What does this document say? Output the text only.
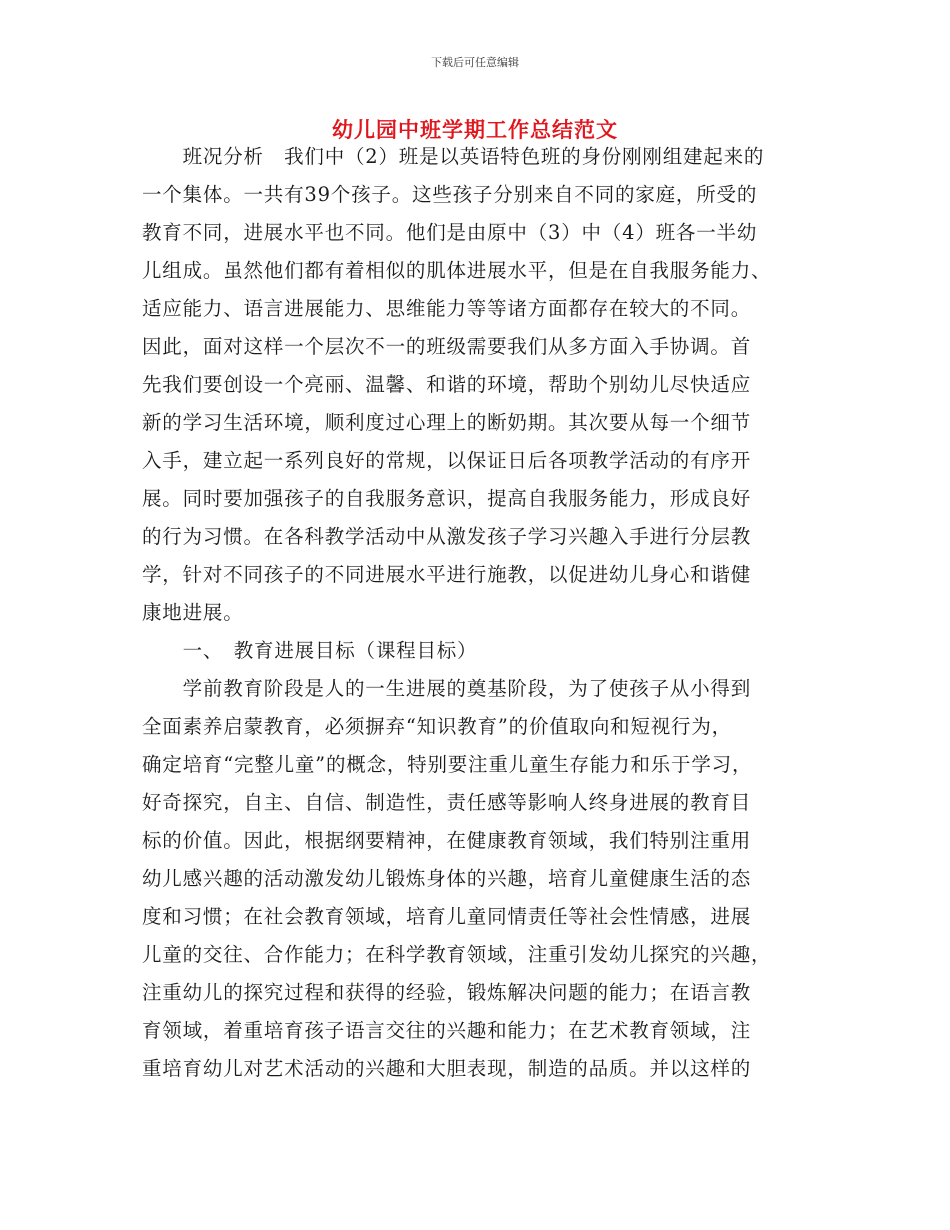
下载后可任意编辑
幼儿园中班学期工作总结范文
　　班况分析　我们中（2）班是以英语特色班的身份刚刚组建起来的
一个集体。一共有39个孩子。这些孩子分别来自不同的家庭，所受的
教育不同，进展水平也不同。他们是由原中（3）中（4）班各一半幼
儿组成。虽然他们都有着相似的肌体进展水平，但是在自我服务能力、
适应能力、语言进展能力、思维能力等等诸方面都存在较大的不同。
因此，面对这样一个层次不一的班级需要我们从多方面入手协调。首
先我们要创设一个亮丽、温馨、和谐的环境，帮助个别幼儿尽快适应
新的学习生活环境，顺利度过心理上的断奶期。其次要从每一个细节
入手，建立起一系列良好的常规，以保证日后各项教学活动的有序开
展。同时要加强孩子的自我服务意识，提高自我服务能力，形成良好
的行为习惯。在各科教学活动中从激发孩子学习兴趣入手进行分层教
学，针对不同孩子的不同进展水平进行施教，以促进幼儿身心和谐健
康地进展。
　　一、　教育进展目标（课程目标）
　　学前教育阶段是人的一生进展的奠基阶段，为了使孩子从小得到
全面素养启蒙教育，必须摒弃“知识教育”的价值取向和短视行为，
确定培育“完整儿童”的概念，特别要注重儿童生存能力和乐于学习，
好奇探究，自主、自信、制造性，责任感等影响人终身进展的教育目
标的价值。因此，根据纲要精神，在健康教育领域，我们特别注重用
幼儿感兴趣的活动激发幼儿锻炼身体的兴趣，培育儿童健康生活的态
度和习惯；在社会教育领域，培育儿童同情责任等社会性情感，进展
儿童的交往、合作能力；在科学教育领域，注重引发幼儿探究的兴趣，
注重幼儿的探究过程和获得的经验，锻炼解决问题的能力；在语言教
育领域，着重培育孩子语言交往的兴趣和能力；在艺术教育领域，注
重培育幼儿对艺术活动的兴趣和大胆表现，制造的品质。并以这样的
